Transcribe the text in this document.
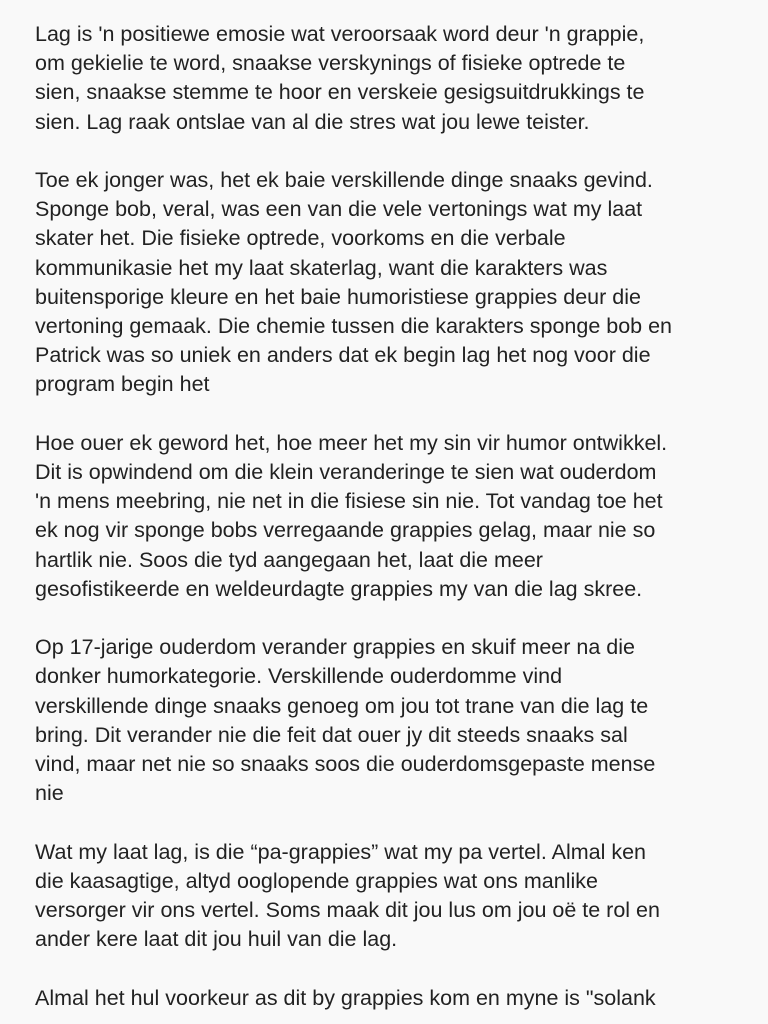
Lag is 'n positiewe emosie wat veroorsaak word deur 'n grappie,
om gekielie te word, snaakse verskynings of fisieke optrede te
sien, snaakse stemme te hoor en verskeie gesigsuitdrukkings te
sien. Lag raak ontslae van al die stres wat jou lewe teister.

Toe ek jonger was, het ek baie verskillende dinge snaaks gevind.
Sponge bob, veral, was een van die vele vertonings wat my laat
skater het. Die fisieke optrede, voorkoms en die verbale
kommunikasie het my laat skaterlag, want die karakters was
buitensporige kleure en het baie humoristiese grappies deur die
vertoning gemaak. Die chemie tussen die karakters sponge bob en
Patrick was so uniek en anders dat ek begin lag het nog voor die
program begin het

Hoe ouer ek geword het, hoe meer het my sin vir humor ontwikkel.
Dit is opwindend om die klein veranderinge te sien wat ouderdom
'n mens meebring, nie net in die fisiese sin nie. Tot vandag toe het
ek nog vir sponge bobs verregaande grappies gelag, maar nie so
hartlik nie. Soos die tyd aangegaan het, laat die meer
gesofistikeerde en weldeurdagte grappies my van die lag skree.

Op 17-jarige ouderdom verander grappies en skuif meer na die
donker humorkategorie. Verskillende ouderdomme vind
verskillende dinge snaaks genoeg om jou tot trane van die lag te
bring. Dit verander nie die feit dat ouer jy dit steeds snaaks sal
vind, maar net nie so snaaks soos die ouderdomsgepaste mense
nie

Wat my laat lag, is die “pa-grappies” wat my pa vertel. Almal ken
die kaasagtige, altyd ooglopende grappies wat ons manlike
versorger vir ons vertel. Soms maak dit jou lus om jou oë te rol en
ander kere laat dit jou huil van die lag.

Almal het hul voorkeur as dit by grappies kom en myne is "solank
